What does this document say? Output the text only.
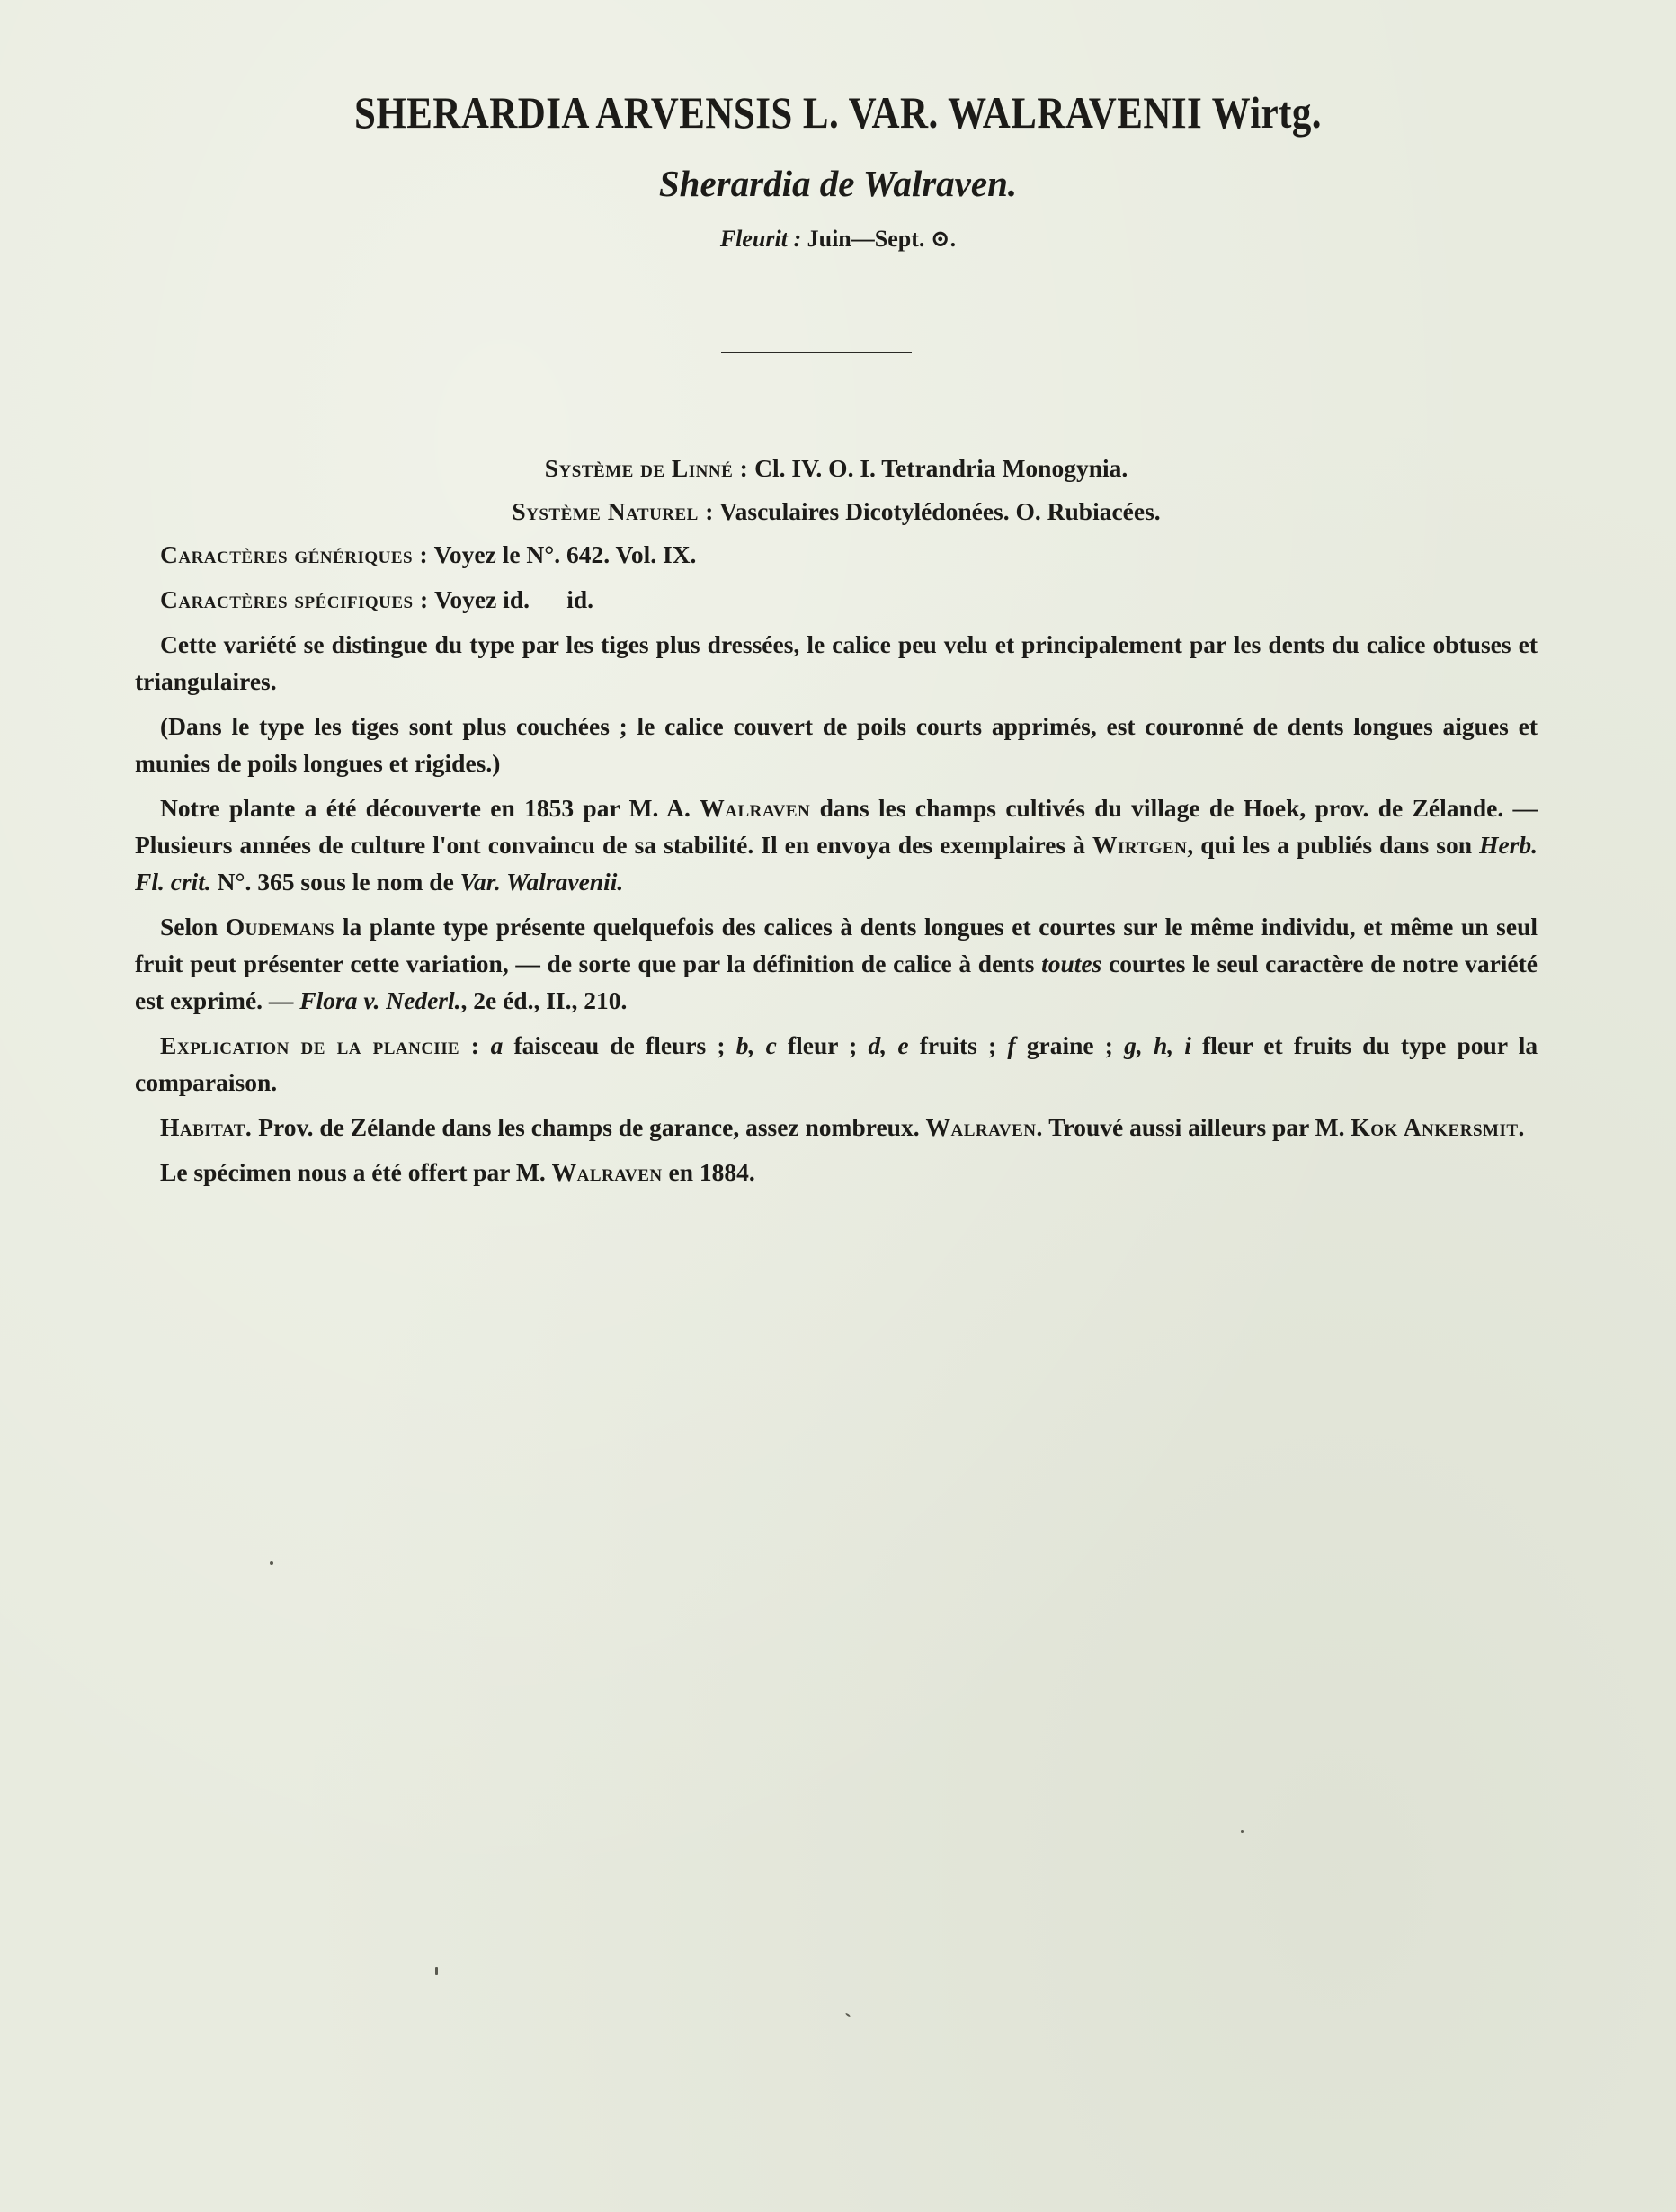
SHERARDIA ARVENSIS L. VAR. WALRAVENII Wirtg.
Sherardia de Walraven.
Fleurit : Juin—Sept. ⊙.
Système de Linné : Cl. IV. O. I. Tetrandria Monogynia.
Système Naturel : Vasculaires Dicotylédonées. O. Rubiacées.

Caractères génériques : Voyez le N°. 642. Vol. IX.

Caractères spécifiques : Voyez id.      id.

Cette variété se distingue du type par les tiges plus dressées, le calice peu velu et principalement par les dents du calice obtuses et triangulaires.

(Dans le type les tiges sont plus couchées ; le calice couvert de poils courts apprimés, est couronné de dents longues aigues et munies de poils longues et rigides.)

Notre plante a été découverte en 1853 par M. A. Walraven dans les champs cultivés du village de Hoek, prov. de Zélande. — Plusieurs années de culture l'ont convaincu de sa stabilité. Il en envoya des exemplaires à Wirtgen, qui les a publiés dans son Herb. Fl. crit. N°. 365 sous le nom de Var. Walravenii.

Selon Oudemans la plante type présente quelquefois des calices à dents longues et courtes sur le même individu, et même un seul fruit peut présenter cette variation, — de sorte que par la définition de calice à dents toutes courtes le seul caractère de notre variété est exprimé. — Flora v. Nederl., 2e éd., II., 210.

Explication de la planche : a faisceau de fleurs ; b, c fleur ; d, e fruits ; f graine ; g, h, i fleur et fruits du type pour la comparaison.

Habitat. Prov. de Zélande dans les champs de garance, assez nombreux. Walraven. Trouvé aussi ailleurs par M. Kok Ankersmit.

Le spécimen nous a été offert par M. Walraven en 1884.
